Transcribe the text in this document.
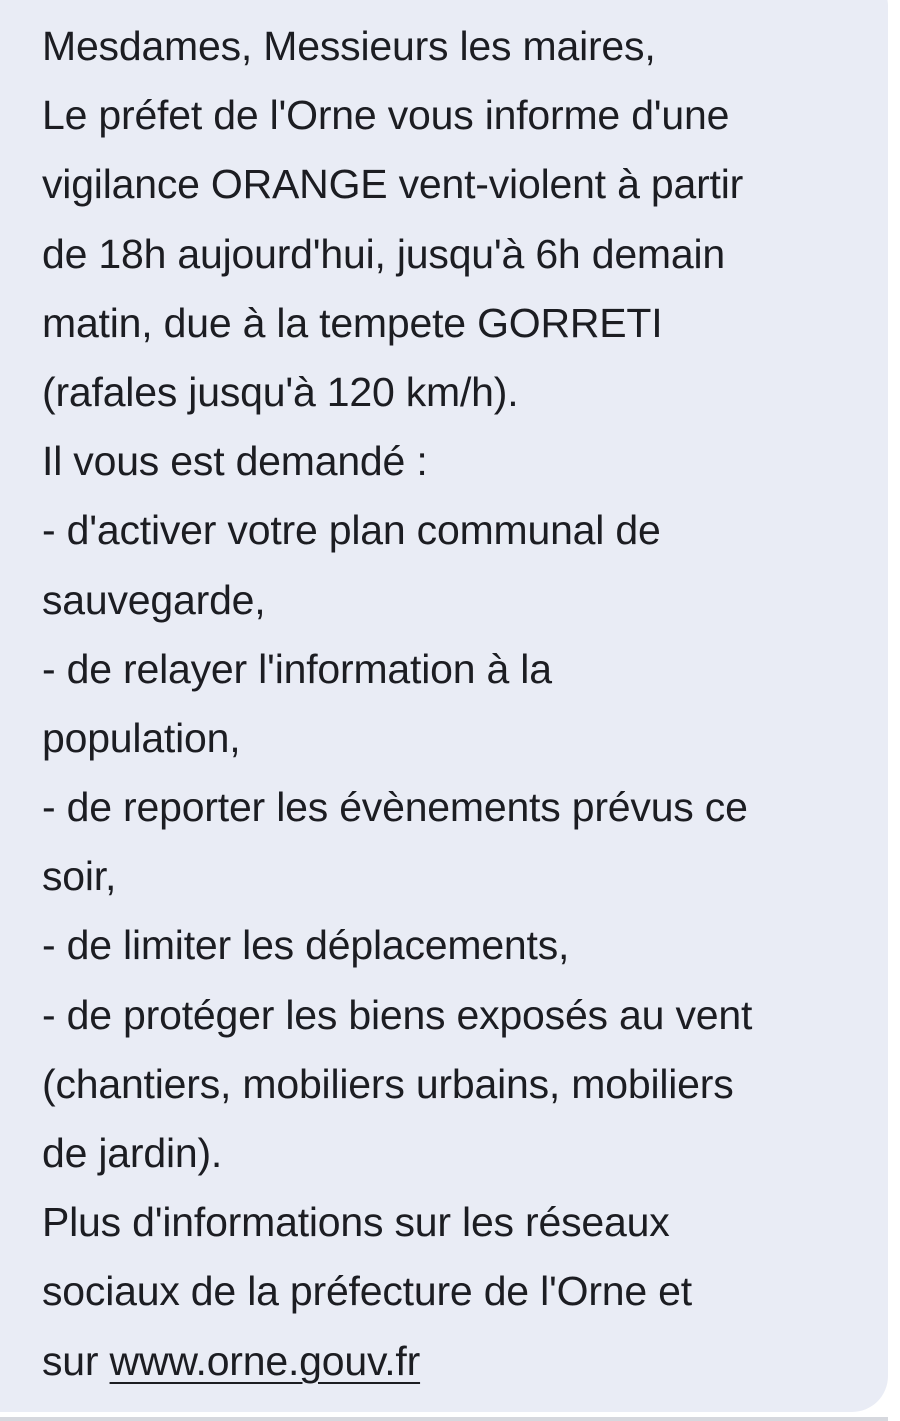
Mesdames, Messieurs les maires,
Le préfet de l'Orne vous informe d'une
vigilance ORANGE vent-violent à partir
de 18h aujourd'hui, jusqu'à 6h demain
matin, due à la tempete GORRETI
(rafales jusqu'à 120 km/h).
Il vous est demandé :
- d'activer votre plan communal de
sauvegarde,
- de relayer l'information à la
population,
- de reporter les évènements prévus ce
soir,
- de limiter les déplacements,
- de protéger les biens exposés au vent
(chantiers, mobiliers urbains, mobiliers
de jardin).
Plus d'informations sur les réseaux
sociaux de la préfecture de l'Orne et
sur www.orne.gouv.fr
